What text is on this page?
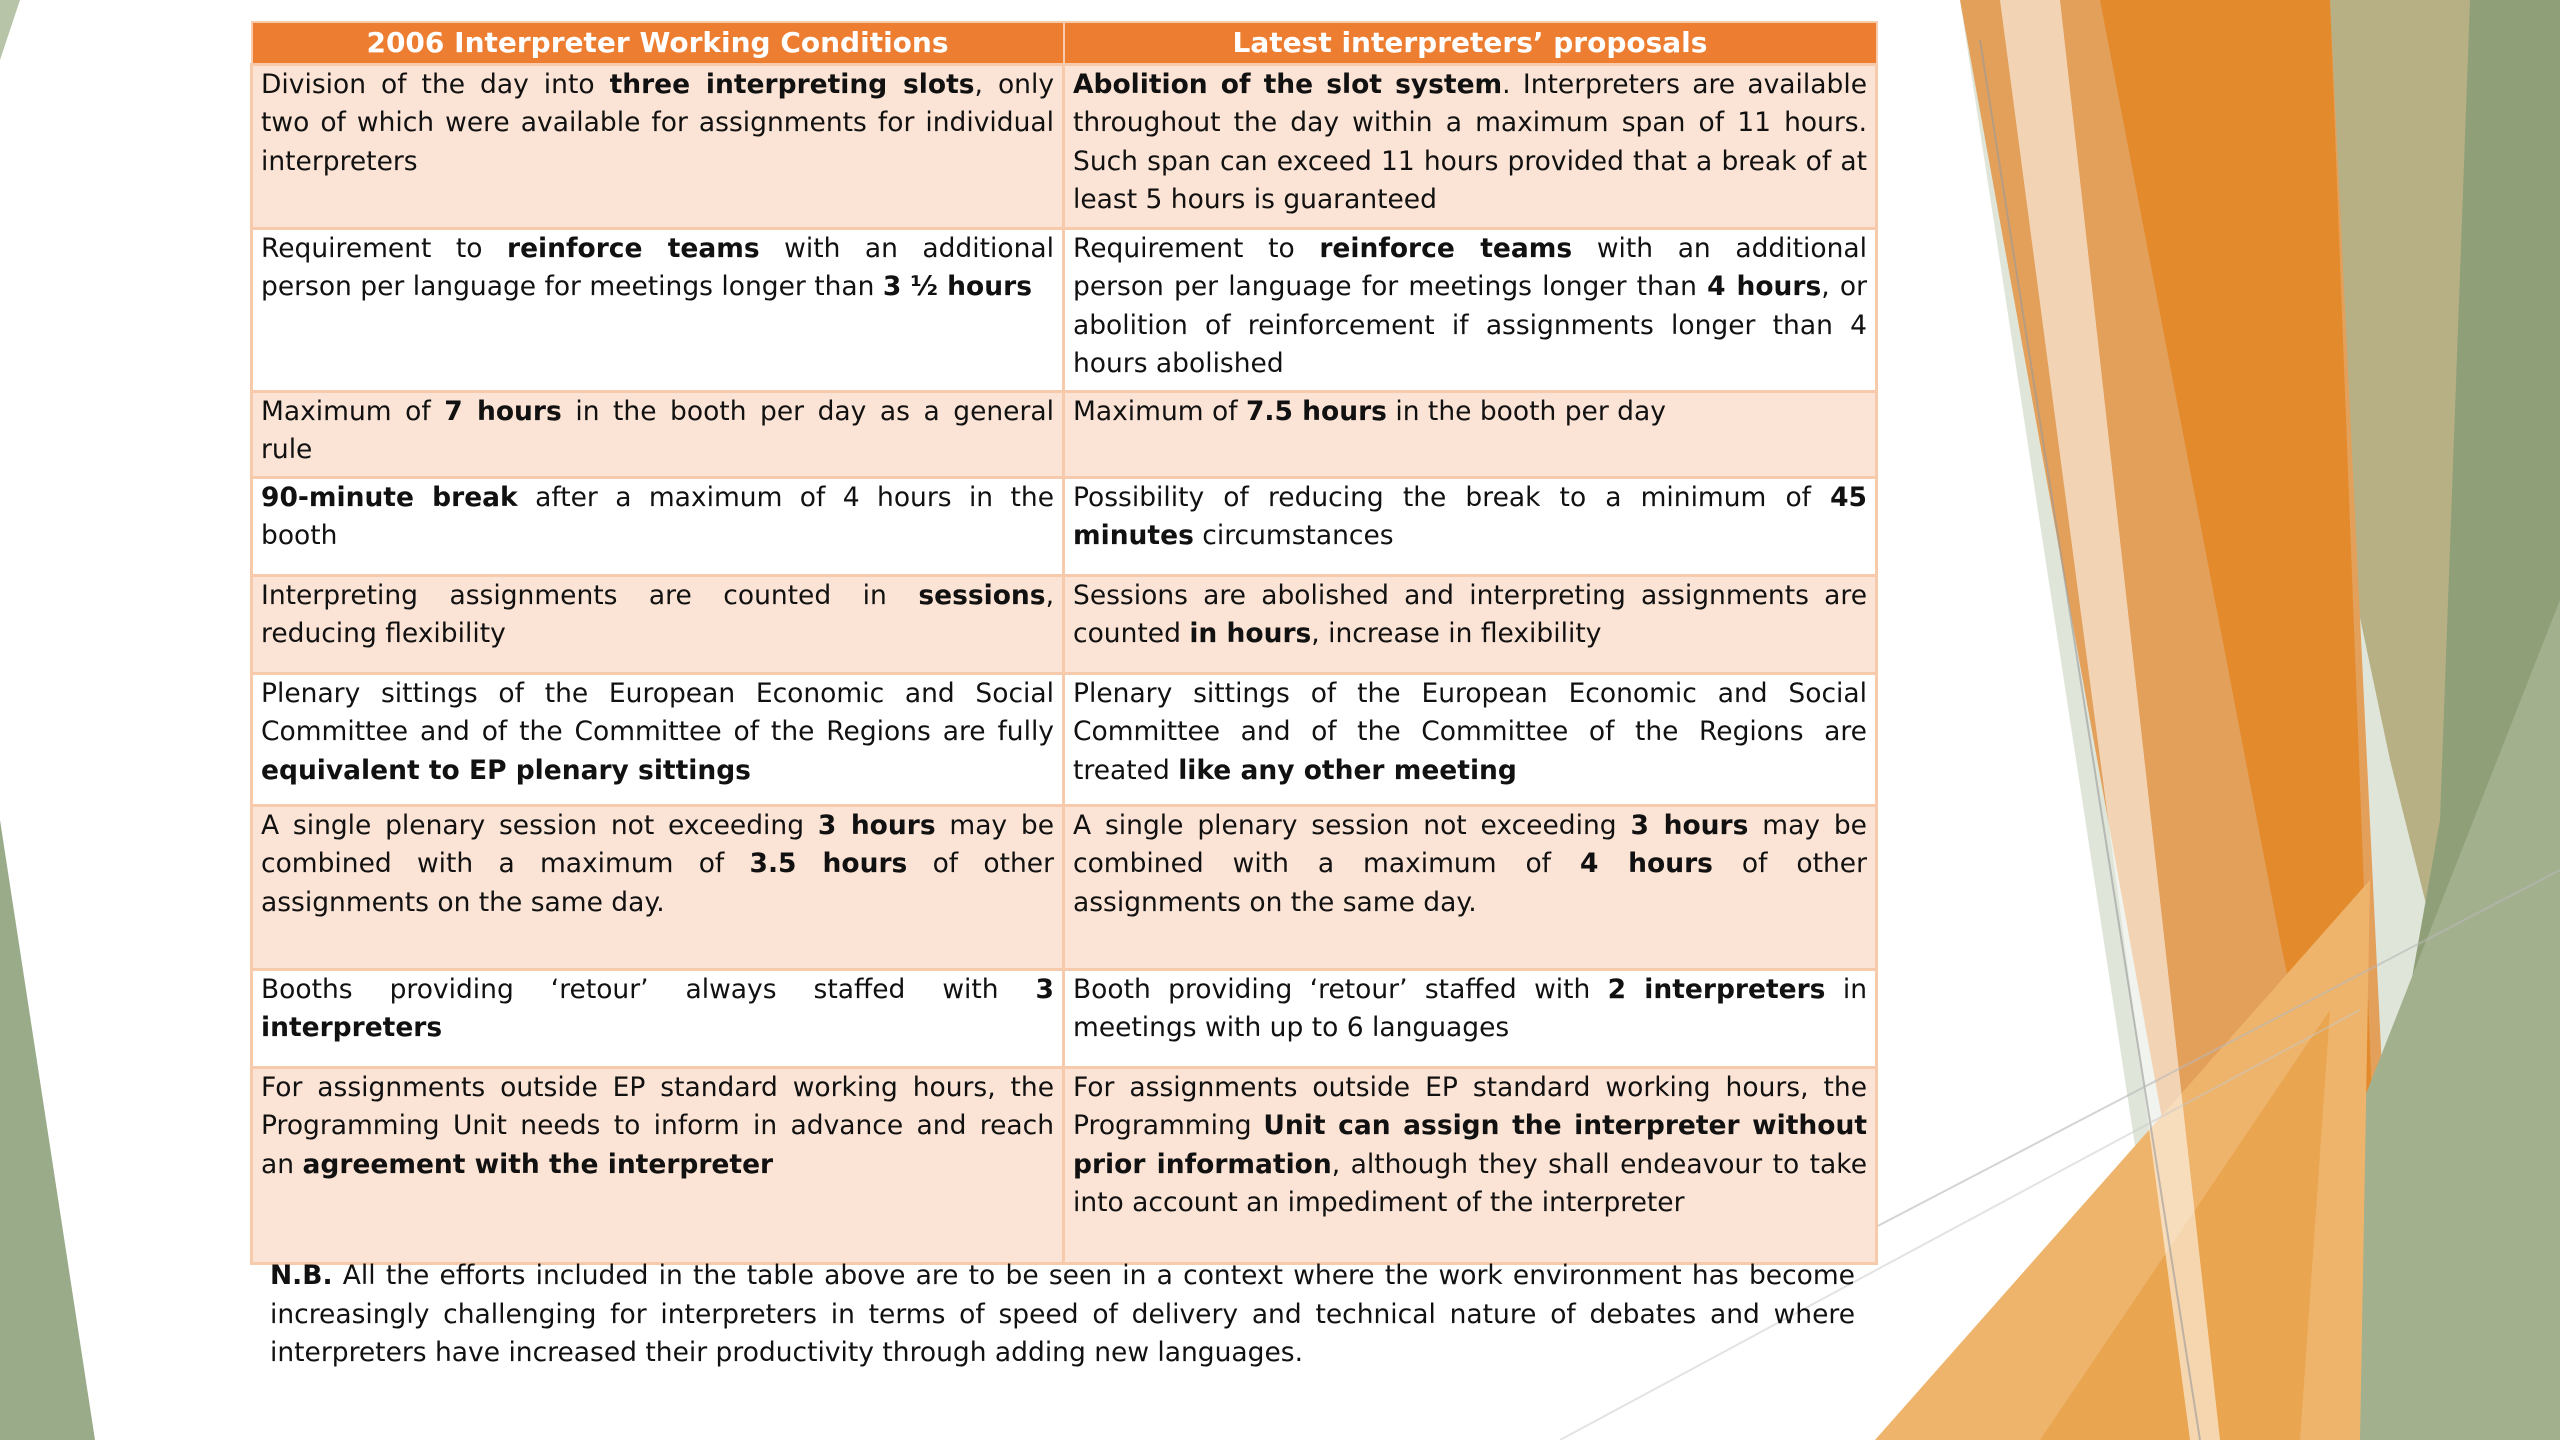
2006 Interpreter Working Conditions	Latest interpreters’ proposals
Division of the day into three interpreting slots, only two of which were available for assignments for individual interpreters	Abolition of the slot system. Interpreters are available throughout the day within a maximum span of 11 hours. Such span can exceed 11 hours provided that a break of at least 5 hours is guaranteed
Requirement to reinforce teams with an additional person per language for meetings longer than 3 ½ hours	Requirement to reinforce teams with an additional person per language for meetings longer than 4 hours, or abolition of reinforcement if assignments longer than 4 hours abolished
Maximum of 7 hours in the booth per day as a general rule	Maximum of 7.5 hours in the booth per day
90-minute break after a maximum of 4 hours in the booth	Possibility of reducing the break to a minimum of 45 minutes circumstances
Interpreting assignments are counted in sessions, reducing flexibility	Sessions are abolished and interpreting assignments are counted in hours, increase in flexibility
Plenary sittings of the European Economic and Social Committee and of the Committee of the Regions are fully equivalent to EP plenary sittings	Plenary sittings of the European Economic and Social Committee and of the Committee of the Regions are treated like any other meeting
A single plenary session not exceeding 3 hours may be combined with a maximum of 3.5 hours of other assignments on the same day.	A single plenary session not exceeding 3 hours may be combined with a maximum of 4 hours of other assignments on the same day.
Booths providing ‘retour’ always staffed with 3 interpreters	Booth providing ‘retour’ staffed with 2 interpreters in meetings with up to 6 languages
For assignments outside EP standard working hours, the Programming Unit needs to inform in advance and reach an agreement with the interpreter	For assignments outside EP standard working hours, the Programming Unit can assign the interpreter without prior information, although they shall endeavour to take into account an impediment of the interpreter

N.B. All the efforts included in the table above are to be seen in a context where the work environment has become increasingly challenging for interpreters in terms of speed of delivery and technical nature of debates and where interpreters have increased their productivity through adding new languages.
